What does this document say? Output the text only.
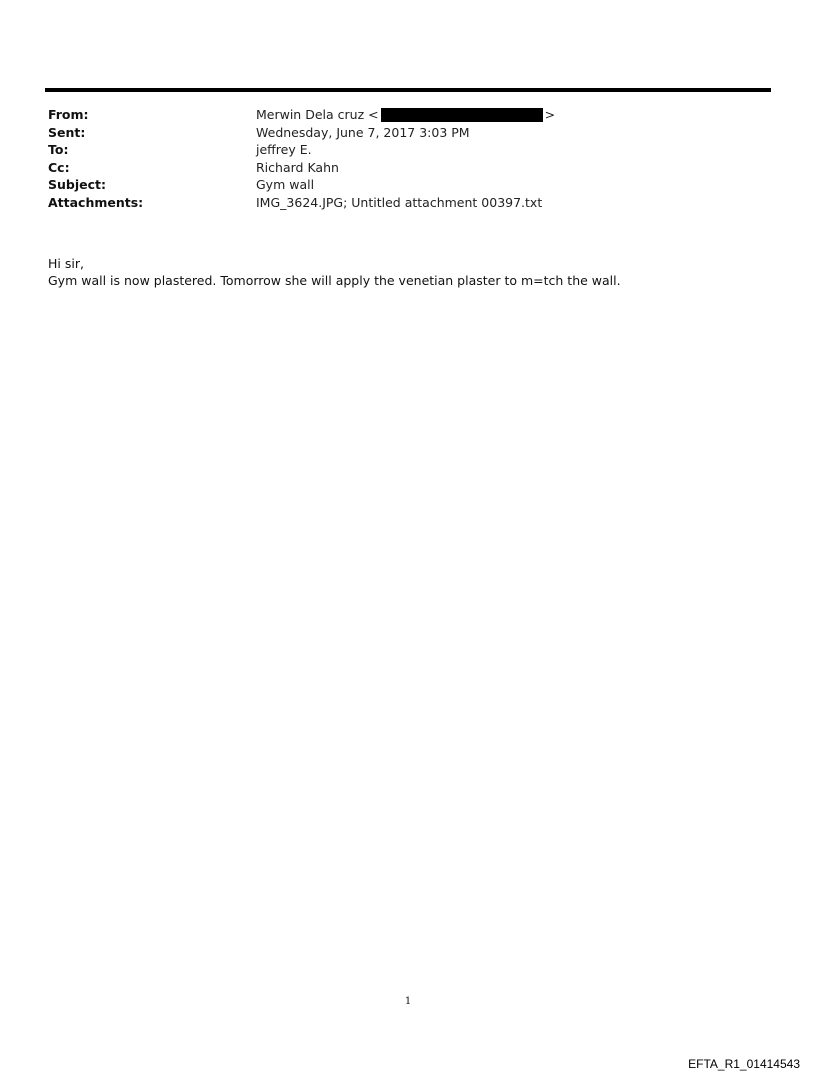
From:	Merwin Dela cruz <	>
Sent:	Wednesday, June 7, 2017 3:03 PM
To:	jeffrey E.
Cc:	Richard Kahn
Subject:	Gym wall
Attachments:	IMG_3624.JPG; Untitled attachment 00397.txt
Hi sir,
Gym wall is now plastered. Tomorrow she will apply the venetian plaster to m=tch the wall.
1
EFTA_R1_01414543
